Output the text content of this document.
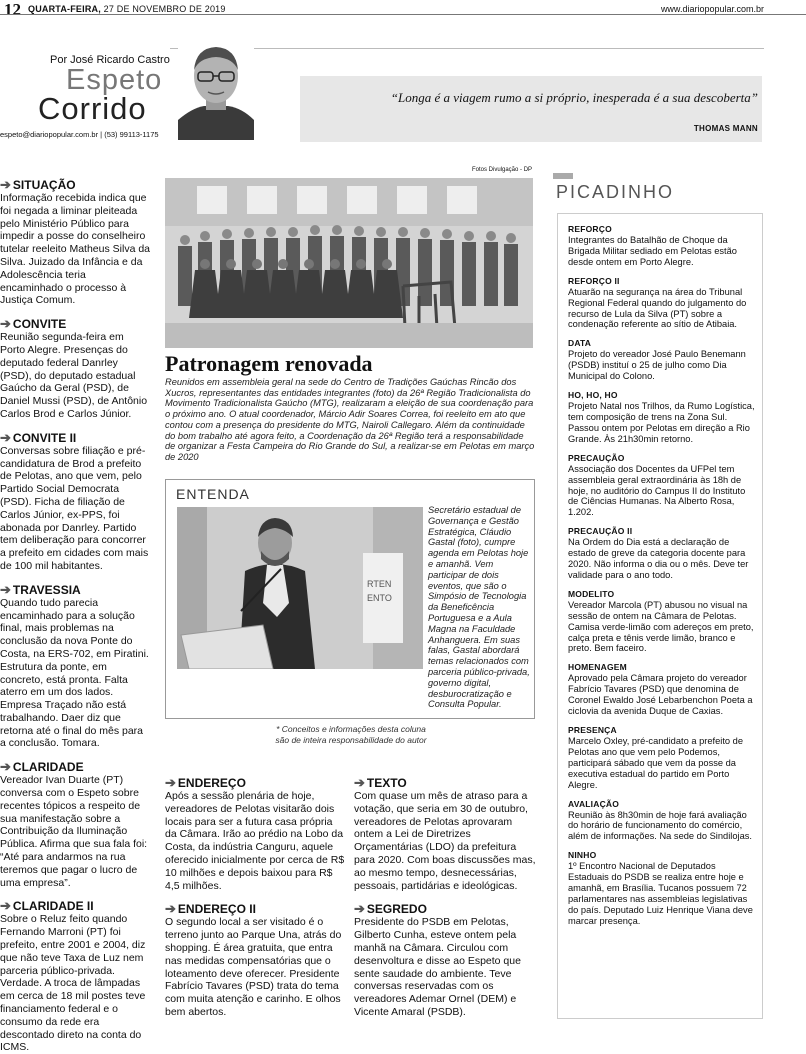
12 QUARTA-FEIRA, 27 DE NOVEMBRO DE 2019	www.diariopopular.com.br
Por José Ricardo Castro
Espeto
Corrido
espeto@diariopopular.com.br | (53) 99113-1175
“Longa é a viagem rumo a si próprio, inesperada é a sua descoberta”
THOMAS MANN
➔ SITUAÇÃO
Informação recebida indica que foi negada a liminar pleiteada pelo Ministério Público para impedir a posse do conselheiro tutelar reeleito Matheus Silva da Silva. Juizado da Infância e da Adolescência teria encaminhado o processo à Justiça Comum.
➔ CONVITE
Reunião segunda-feira em Porto Alegre. Presenças do deputado federal Danrley (PSD), do deputado estadual Gaúcho da Geral (PSD), de Daniel Mussi (PSD), de Antônio Carlos Brod e Carlos Júnior.
➔ CONVITE II
Conversas sobre filiação e pré-candidatura de Brod a prefeito de Pelotas, ano que vem, pelo Partido Social Democrata (PSD). Ficha de filiação de Carlos Júnior, ex-PPS, foi abonada por Danrley. Partido tem deliberação para concorrer a prefeito em cidades com mais de 100 mil habitantes.
➔ TRAVESSIA
Quando tudo parecia encaminhado para a solução final, mais problemas na conclusão da nova Ponte do Costa, na ERS-702, em Piratini. Estrutura da ponte, em concreto, está pronta. Falta aterro em um dos lados. Empresa Traçado não está trabalhando. Daer diz que retorna até o final do mês para a conclusão. Tomara.
➔ CLARIDADE
Vereador Ivan Duarte (PT) conversa com o Espeto sobre recentes tópicos a respeito de sua manifestação sobre a Contribuição da Iluminação Pública. Afirma que sua fala foi: “Até para andarmos na rua teremos que pagar o lucro de uma empresa”.
➔ CLARIDADE II
Sobre o Reluz feito quando Fernando Marroni (PT) foi prefeito, entre 2001 e 2004, diz que não teve Taxa de Luz nem parceria público-privada. Verdade. A troca de lâmpadas em cerca de 18 mil postes teve financiamento federal e o consumo da rede era descontado direto na conta do ICMS.
Fotos Divulgação - DP
Patronagem renovada
Reunidos em assembleia geral na sede do Centro de Tradições Gaúchas Rincão dos Xucros, representantes das entidades integrantes (foto) da 26ª Região Tradicionalista do Movimento Tradicionalista Gaúcho (MTG), realizaram a eleição de sua coordenação para o próximo ano. O atual coordenador, Márcio Adir Soares Correa, foi reeleito em ato que contou com a presença do presidente do MTG, Nairoli Callegaro. Além da continuidade do bom trabalho até agora feito, a Coordenação da 26ª Região terá a responsabilidade de organizar a Festa Campeira do Rio Grande do Sul, a realizar-se em Pelotas em março de 2020
ENTENDA
RTEN
ENTO
Secretário estadual de Governança e Gestão Estratégica, Cláudio Gastal (foto), cumpre agenda em Pelotas hoje e amanhã. Vem participar de dois eventos, que são o Simpósio de Tecnologia da Beneficência Portuguesa e a Aula Magna na Faculdade Anhanguera. Em suas falas, Gastal abordará temas relacionados com parceria público-privada, governo digital, desburocratização e Consulta Popular.
* Conceitos e informações desta coluna
são de inteira responsabilidade do autor
➔ ENDEREÇO
Após a sessão plenária de hoje, vereadores de Pelotas visitarão dois locais para ser a futura casa própria da Câmara. Irão ao prédio na Lobo da Costa, da indústria Canguru, aquele oferecido inicialmente por cerca de R$ 10 milhões e depois baixou para R$ 4,5 milhões.
➔ ENDEREÇO II
O segundo local a ser visitado é o terreno junto ao Parque Una, atrás do shopping. É área gratuita, que entra nas medidas compensatórias que o loteamento deve oferecer. Presidente Fabrício Tavares (PSD) trata do tema com muita atenção e carinho. E olhos bem abertos.
➔ TEXTO
Com quase um mês de atraso para a votação, que seria em 30 de outubro, vereadores de Pelotas aprovaram ontem a Lei de Diretrizes Orçamentárias (LDO) da prefeitura para 2020. Com boas discussões mas, ao mesmo tempo, desnecessárias, pessoais, partidárias e ideológicas.
➔ SEGREDO
Presidente do PSDB em Pelotas, Gilberto Cunha, esteve ontem pela manhã na Câmara. Circulou com desenvoltura e disse ao Espeto que sente saudade do ambiente. Teve conversas reservadas com os vereadores Ademar Ornel (DEM) e Vicente Amaral (PSDB).
PICADINHO
REFORÇO
Integrantes do Batalhão de Choque da Brigada Militar sediado em Pelotas estão desde ontem em Porto Alegre.
REFORÇO II
Atuarão na segurança na área do Tribunal Regional Federal quando do julgamento do recurso de Lula da Silva (PT) sobre a condenação referente ao sítio de Atibaia.
DATA
Projeto do vereador José Paulo Benemann (PSDB) instituí o 25 de julho como Dia Municipal do Colono.
HO, HO, HO
Projeto Natal nos Trilhos, da Rumo Logística, tem composição de trens na Zona Sul. Passou ontem por Pelotas em direção a Rio Grande. Às 21h30min retorno.
PRECAUÇÃO
Associação dos Docentes da UFPel tem assembleia geral extraordinária às 18h de hoje, no auditório do Campus II do Instituto de Ciências Humanas. Na Alberto Rosa, 1.202.
PRECAUÇÃO II
Na Ordem do Dia está a declaração de estado de greve da categoria docente para 2020. Não informa o dia ou o mês. Deve ter validade para o ano todo.
MODELITO
Vereador Marcola (PT) abusou no visual na sessão de ontem na Câmara de Pelotas. Camisa verde-limão com adereços em preto, calça preta e tênis verde limão, branco e preto. Bem faceiro.
HOMENAGEM
Aprovado pela Câmara projeto do vereador Fabrício Tavares (PSD) que denomina de Coronel Ewaldo José Lebarbenchon Poeta a ciclovia da avenida Duque de Caxias.
PRESENÇA
Marcelo Oxley, pré-candidato a prefeito de Pelotas ano que vem pelo Podemos, participará sábado que vem da posse da executiva estadual do partido em Porto Alegre.
AVALIAÇÃO
Reunião às 8h30min de hoje fará avaliação do horário de funcionamento do comércio, além de informações. Na sede do Sindilojas.
NINHO
1º Encontro Nacional de Deputados Estaduais do PSDB se realiza entre hoje e amanhã, em Brasília. Tucanos possuem 72 parlamentares nas assembleias legislativas do país. Deputado Luiz Henrique Viana deve marcar presença.
